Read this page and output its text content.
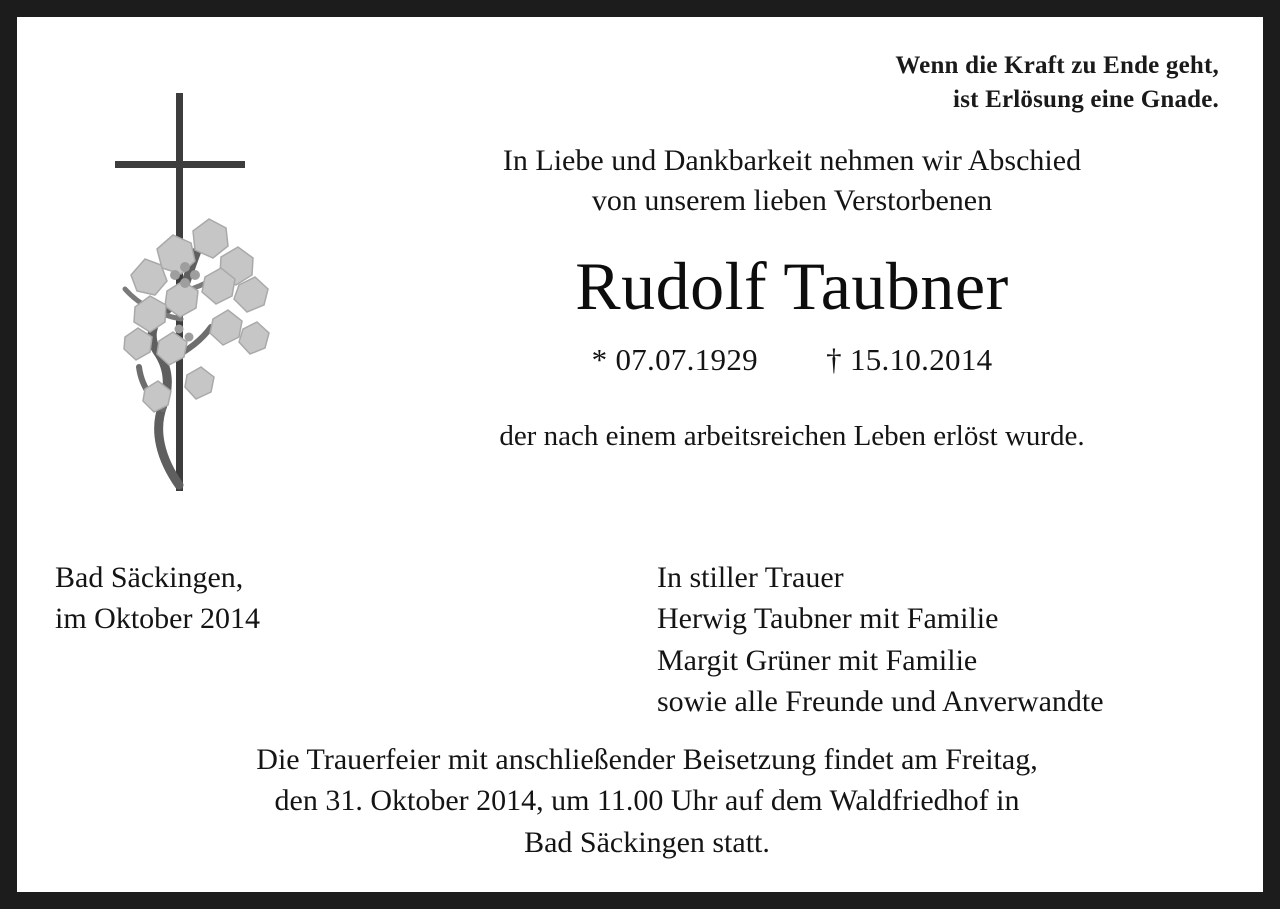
Wenn die Kraft zu Ende geht,
ist Erlösung eine Gnade.
In Liebe und Dankbarkeit nehmen wir Abschied
von unserem lieben Verstorbenen
Rudolf Taubner
* 07.07.1929 † 15.10.2014
der nach einem arbeitsreichen Leben erlöst wurde.
Bad Säckingen,
im Oktober 2014
In stiller Trauer
Herwig Taubner mit Familie
Margit Grüner mit Familie
sowie alle Freunde und Anverwandte
Die Trauerfeier mit anschließender Beisetzung findet am Freitag,
den 31. Oktober 2014, um 11.00 Uhr auf dem Waldfriedhof in
Bad Säckingen statt.
